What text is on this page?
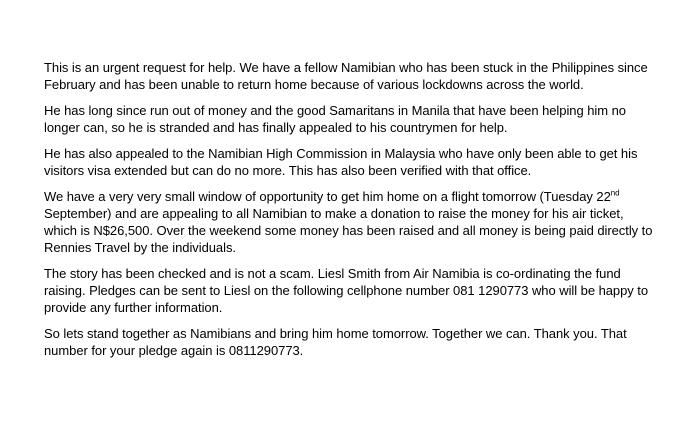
This is an urgent request for help. We have a fellow Namibian who has been stuck in the Philippines since February and has been unable to return home because of various lockdowns across the world.

He has long since run out of money and the good Samaritans in Manila that have been helping him no longer can, so he is stranded and has finally appealed to his countrymen for help.

He has also appealed to the Namibian High Commission in Malaysia who have only been able to get his visitors visa extended but can do no more. This has also been verified with that office.

We have a very very small window of opportunity to get him home on a flight tomorrow (Tuesday 22nd September) and are appealing to all Namibian to make a donation to raise the money for his air ticket, which is N$26,500. Over the weekend some money has been raised and all money is being paid directly to Rennies Travel by the individuals.

The story has been checked and is not a scam. Liesl Smith from Air Namibia is co-ordinating the fund raising. Pledges can be sent to Liesl on the following cellphone number 081 1290773 who will be happy to provide any further information.

So lets stand together as Namibians and bring him home tomorrow. Together we can. Thank you. That number for your pledge again is 0811290773.
